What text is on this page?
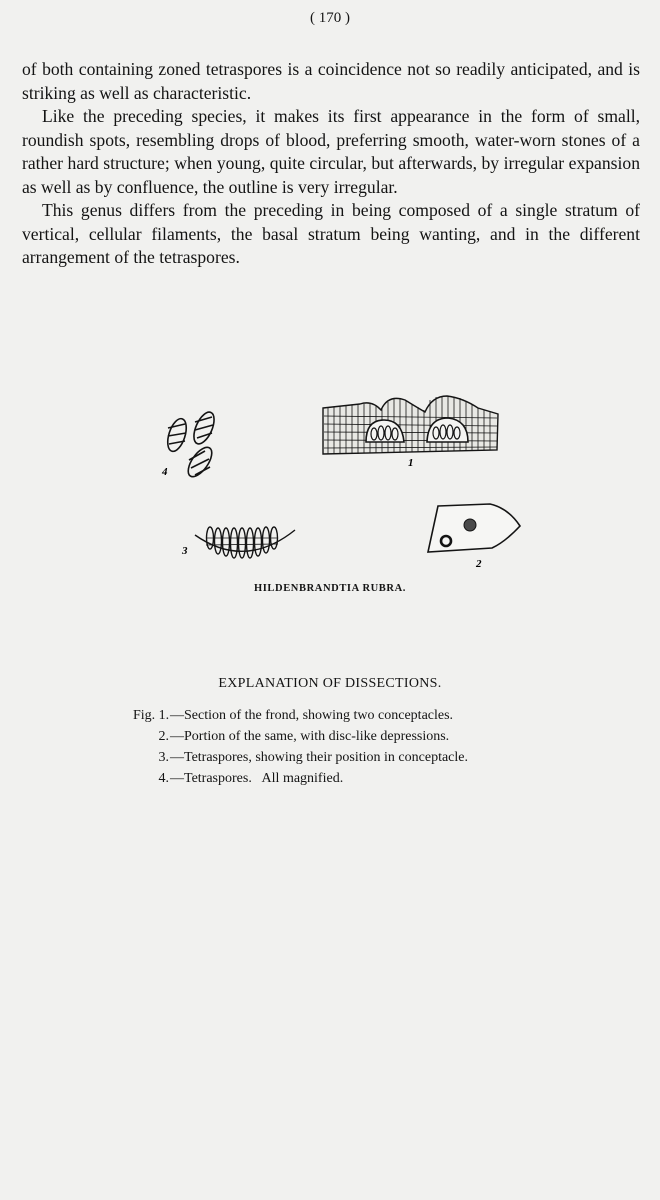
( 170 )

of both containing zoned tetraspores is a coincidence not so readily anticipated, and is striking as well as characteristic.

Like the preceding species, it makes its first appearance in the form of small, roundish spots, resembling drops of blood, preferring smooth, water-worn stones of a rather hard structure; when young, quite circular, but afterwards, by irregular expansion as well as by confluence, the outline is very irregular.

This genus differs from the preceding in being composed of a single stratum of vertical, cellular filaments, the basal stratum being wanting, and in the different arrangement of the tetraspores.

4
1
3
2
HILDENBRANDTIA RUBRA.
EXPLANATION OF DISSECTIONS.
Fig. 1.—Section of the frond, showing two conceptacles.
2.—Portion of the same, with disc-like depressions.
3.—Tetraspores, showing their position in conceptacle.
4.—Tetraspores.   All magnified.
